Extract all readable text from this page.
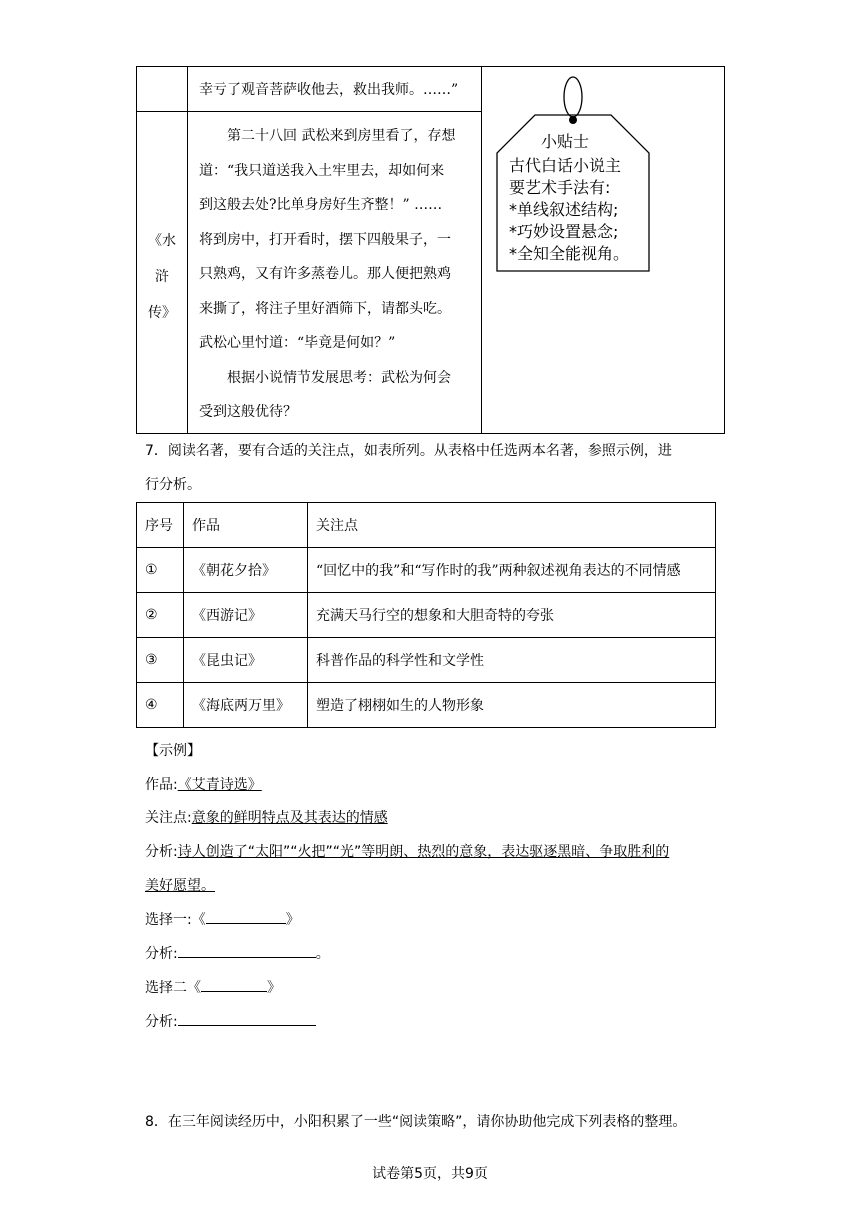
幸亏了观音菩萨收他去，救出我师。……”
《水
浒
传》
第二十八回 武松来到房里看了，存想
道：“我只道送我入土牢里去，却如何来
到这般去处?比单身房好生齐整！” ……
将到房中，打开看时，摆下四般果子，一
只熟鸡，又有许多蒸卷儿。那人便把熟鸡
来撕了，将注子里好酒筛下，请都头吃。
武松心里忖道：“毕竟是何如？”
根据小说情节发展思考：武松为何会
受到这般优待？
小贴士
古代白话小说主
要艺术手法有:
*单线叙述结构;
*巧妙设置悬念;
*全知全能视角。
7．阅读名著，要有合适的关注点，如表所列。从表格中任选两本名著，参照示例，进
行分析。
序号	作品	关注点
①	《朝花夕拾》	“回忆中的我”和“写作时的我”两种叙述视角表达的不同情感
②	《西游记》	充满天马行空的想象和大胆奇特的夸张
③	《昆虫记》	科普作品的科学性和文学性
④	《海底两万里》	塑造了栩栩如生的人物形象
【示例】
作品:《艾青诗选》
关注点:意象的鲜明特点及其表达的情感
分析:诗人创造了“太阳”“火把”“光”等明朗、热烈的意象，表达驱逐黑暗、争取胜利的
美好愿望。
选择一:《	》
分析:	。
选择二《	》
分析:
8．在三年阅读经历中，小阳积累了一些“阅读策略”，请你协助他完成下列表格的整理。
试卷第5页，共9页
